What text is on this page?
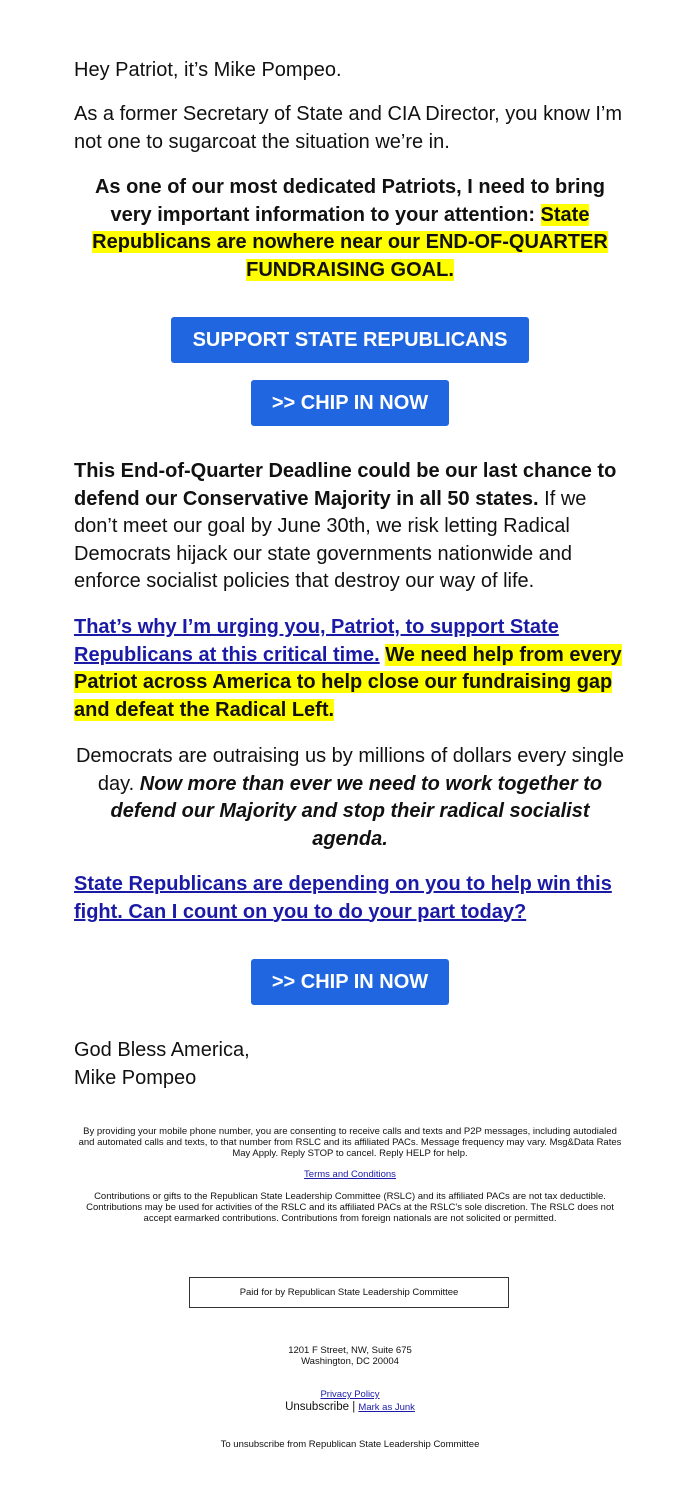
Hey Patriot, it’s Mike Pompeo.

As a former Secretary of State and CIA Director, you know I’m not one to sugarcoat the situation we’re in.

As one of our most dedicated Patriots, I need to bring very important information to your attention: State Republicans are nowhere near our END-OF-QUARTER FUNDRAISING GOAL.

SUPPORT STATE REPUBLICANS
>> CHIP IN NOW

This End-of-Quarter Deadline could be our last chance to defend our Conservative Majority in all 50 states. If we don’t meet our goal by June 30th, we risk letting Radical Democrats hijack our state governments nationwide and enforce socialist policies that destroy our way of life.

That’s why I’m urging you, Patriot, to support State Republicans at this critical time. We need help from every Patriot across America to help close our fundraising gap and defeat the Radical Left.

Democrats are outraising us by millions of dollars every single day. Now more than ever we need to work together to defend our Majority and stop their radical socialist agenda.

State Republicans are depending on you to help win this fight. Can I count on you to do your part today?

>> CHIP IN NOW

God Bless America,
Mike Pompeo

By providing your mobile phone number, you are consenting to receive calls and texts and P2P messages, including autodialed and automated calls and texts, to that number from RSLC and its affiliated PACs. Message frequency may vary. Msg&Data Rates May Apply. Reply STOP to cancel. Reply HELP for help.

Terms and Conditions

Contributions or gifts to the Republican State Leadership Committee (RSLC) and its affiliated PACs are not tax deductible. Contributions may be used for activities of the RSLC and its affiliated PACs at the RSLC's sole discretion. The RSLC does not accept earmarked contributions. Contributions from foreign nationals are not solicited or permitted.

Paid for by Republican State Leadership Committee

1201 F Street, NW, Suite 675
Washington, DC 20004

Privacy Policy

Unsubscribe | Mark as Junk

To unsubscribe from Republican State Leadership Committee
